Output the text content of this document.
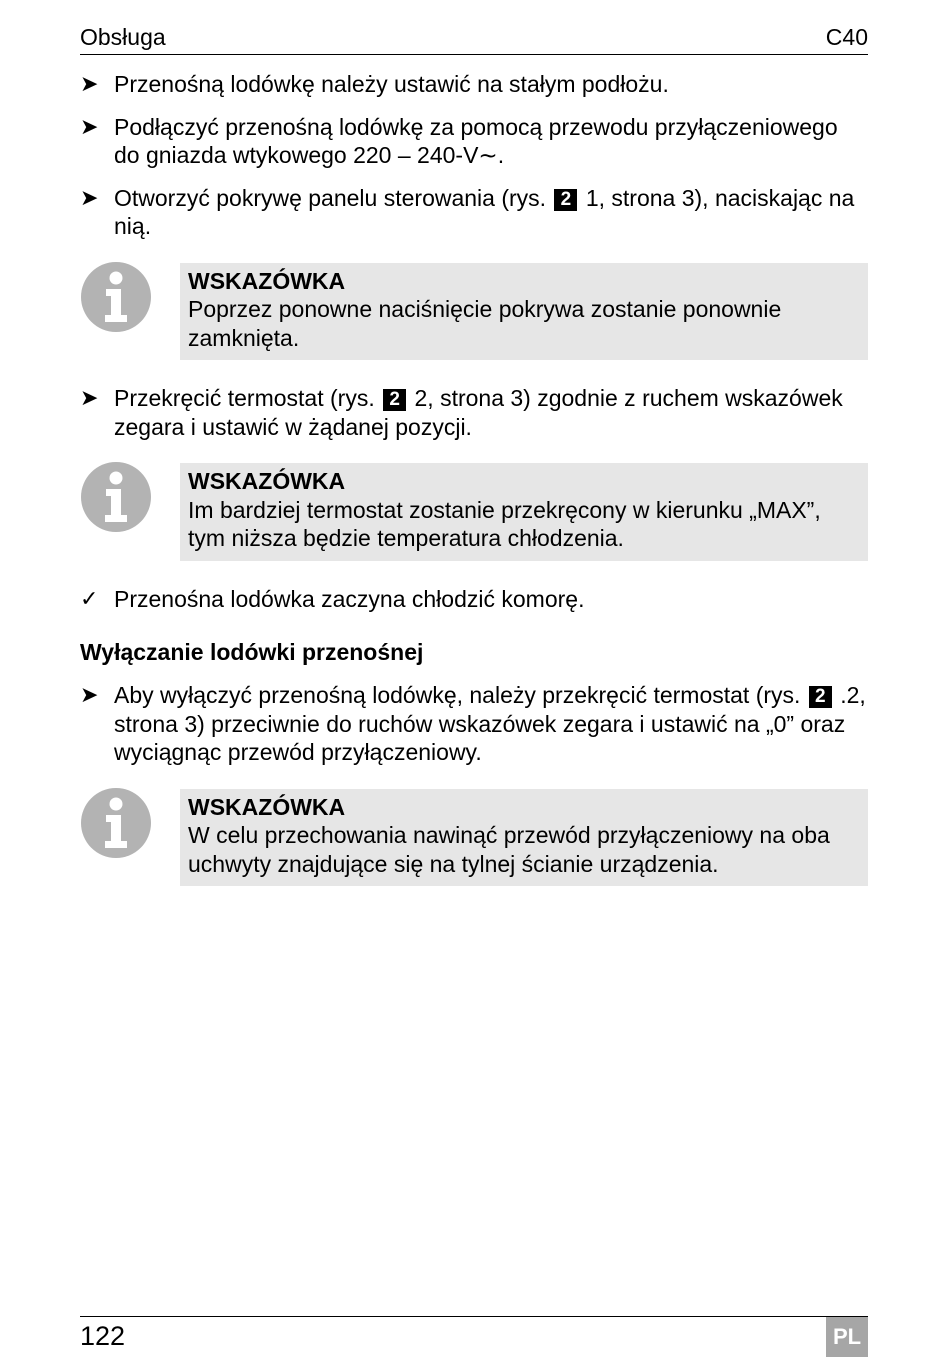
Obsługa	C40
➤ Przenośną lodówkę należy ustawić na stałym podłożu.
➤ Podłączyć przenośną lodówkę za pomocą przewodu przyłączeniowego do gniazda wtykowego 220 – 240-V∼.
➤ Otworzyć pokrywę panelu sterowania (rys. 2 1, strona 3), naciskając na nią.
WSKAZÓWKA
Poprzez ponowne naciśnięcie pokrywa zostanie ponownie zamknięta.
➤ Przekręcić termostat (rys. 2 2, strona 3) zgodnie z ruchem wskazówek zegara i ustawić w żądanej pozycji.
WSKAZÓWKA
Im bardziej termostat zostanie przekręcony w kierunku „MAX”, tym niższa będzie temperatura chłodzenia.
✓ Przenośna lodówka zaczyna chłodzić komorę.
Wyłączanie lodówki przenośnej
➤ Aby wyłączyć przenośną lodówkę, należy przekręcić termostat (rys. 2 .2, strona 3) przeciwnie do ruchów wskazówek zegara i ustawić na „0” oraz wyciągnąc przewód przyłączeniowy.
WSKAZÓWKA
W celu przechowania nawinąć przewód przyłączeniowy na oba uchwyty znajdujące się na tylnej ścianie urządzenia.
122	PL
